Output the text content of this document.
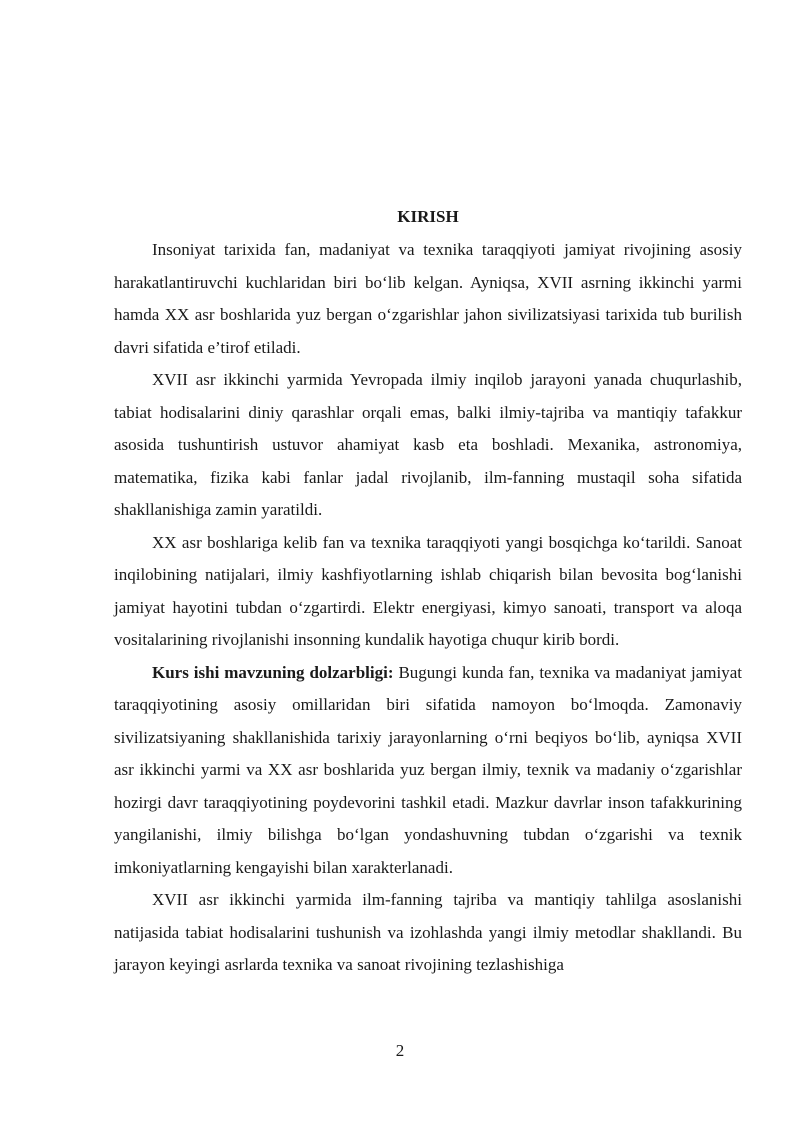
KIRISH

Insoniyat tarixida fan, madaniyat va texnika taraqqiyoti jamiyat rivojining asosiy harakatlantiruvchi kuchlaridan biri bo‘lib kelgan. Ayniqsa, XVII asrning ikkinchi yarmi hamda XX asr boshlarida yuz bergan o‘zgarishlar jahon sivilizatsiyasi tarixida tub burilish davri sifatida e’tirof etiladi.

XVII asr ikkinchi yarmida Yevropada ilmiy inqilob jarayoni yanada chuqurlashib, tabiat hodisalarini diniy qarashlar orqali emas, balki ilmiy-tajriba va mantiqiy tafakkur asosida tushuntirish ustuvor ahamiyat kasb eta boshladi. Mexanika, astronomiya, matematika, fizika kabi fanlar jadal rivojlanib, ilm-fanning mustaqil soha sifatida shakllanishiga zamin yaratildi.

XX asr boshlariga kelib fan va texnika taraqqiyoti yangi bosqichga ko‘tarildi. Sanoat inqilobining natijalari, ilmiy kashfiyotlarning ishlab chiqarish bilan bevosita bog‘lanishi jamiyat hayotini tubdan o‘zgartirdi. Elektr energiyasi, kimyo sanoati, transport va aloqa vositalarining rivojlanishi insonning kundalik hayotiga chuqur kirib bordi.

Kurs ishi mavzuning dolzarbligi: Bugungi kunda fan, texnika va madaniyat jamiyat taraqqiyotining asosiy omillaridan biri sifatida namoyon bo‘lmoqda. Zamonaviy sivilizatsiyaning shakllanishida tarixiy jarayonlarning o‘rni beqiyos bo‘lib, ayniqsa XVII asr ikkinchi yarmi va XX asr boshlarida yuz bergan ilmiy, texnik va madaniy o‘zgarishlar hozirgi davr taraqqiyotining poydevorini tashkil etadi. Mazkur davrlar inson tafakkurining yangilanishi, ilmiy bilishga bo‘lgan yondashuvning tubdan o‘zgarishi va texnik imkoniyatlarning kengayishi bilan xarakterlanadi.

XVII asr ikkinchi yarmida ilm-fanning tajriba va mantiqiy tahlilga asoslanishi natijasida tabiat hodisalarini tushunish va izohlashda yangi ilmiy metodlar shakllandi. Bu jarayon keyingi asrlarda texnika va sanoat rivojining tezlashishiga

2
